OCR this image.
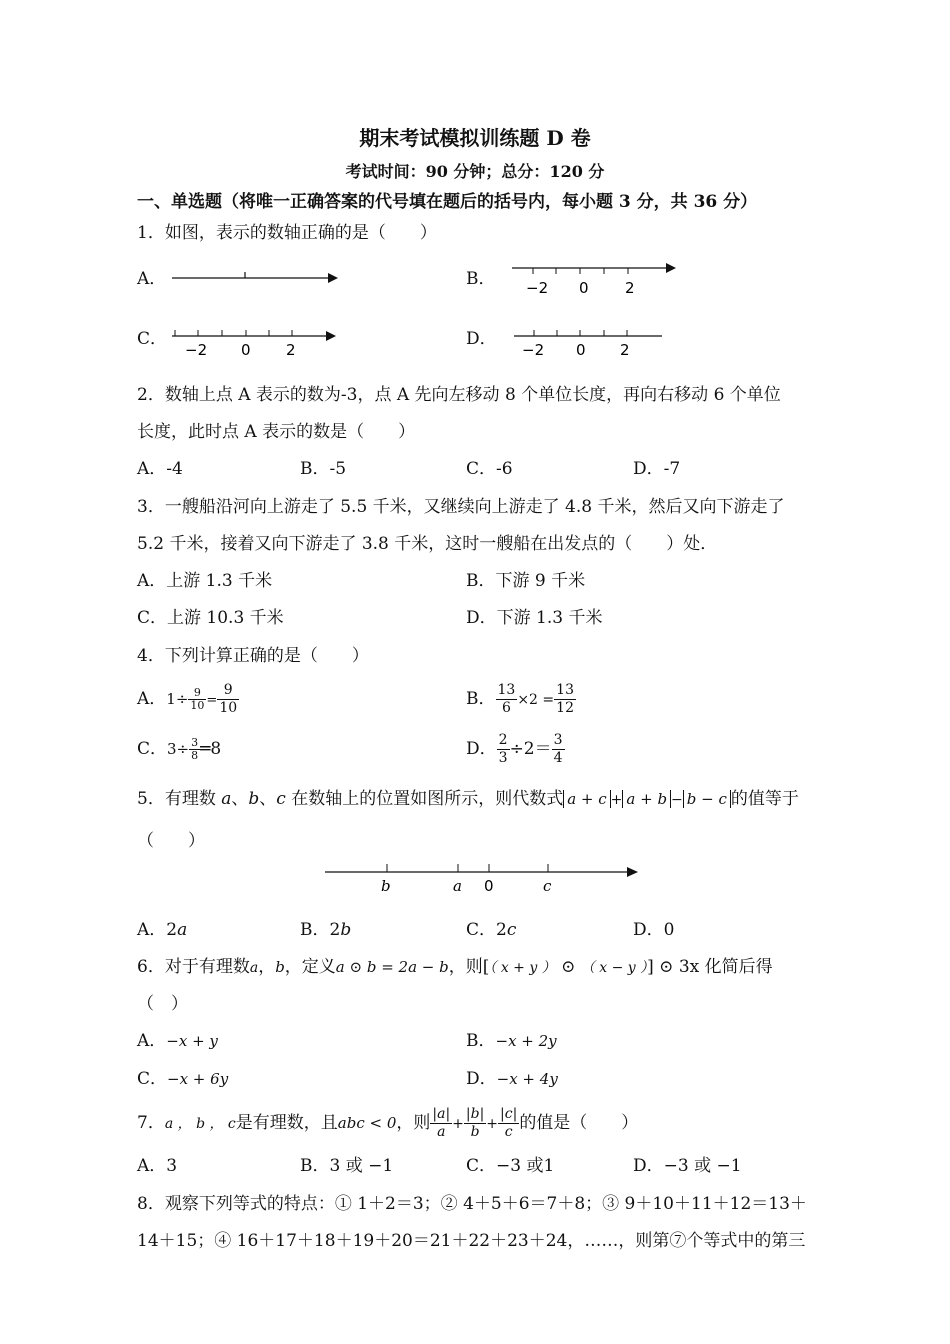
期末考试模拟训练题 D 卷
考试时间：90 分钟；总分：120 分
一、单选题（将唯一正确答案的代号填在题后的括号内，每小题 3 分，共 36 分）
1．如图，表示的数轴正确的是（　　）
A．	B． −2 0 2
C．
−2 0 2
D．
−2 0 2
2．数轴上点 A 表示的数为-3，点 A 先向左移动 8 个单位长度，再向右移动 6 个单位
长度，此时点 A 表示的数是（　　）
A．-4	B．-5	C．-6	D．-7
3．一艘船沿河向上游走了 5.5 千米，又继续向上游走了 4.8 千米，然后又向下游走了
5.2 千米，接着又向下游走了 3.8 千米，这时一艘船在出发点的（　　）处．
A．上游 1.3 千米	B．下游 9 千米
C．上游 10.3 千米	D．下游 1.3 千米
4．下列计算正确的是（　　）
A．$1\div \frac{9}{10} = \frac{9}{10}$	B． $\frac{13}{6} \times 2 = \frac{13}{12}$
C．$3\div \frac{3}{8}$ ═8	D． $\frac{2}{3} \div 2= \frac{3}{4}$
5．有理数 a、b、c 在数轴上的位置如图所示，则代数式 a + c + a + b − b − c 的值等于
（　　）
b	a 0	c
A．2a	B．2b	C．2c	D．0
6．对于有理数a，b，定义a ⊙ b = 2a − b，则[（ x + y ） ⊙ （ x − y ）] ⊙ 3x 化简后得
（　）
A．−x + y	B．−x + 2y
C．−x + 6y	D．−x + 4y
7．a ， b ， c是有理数，且abc < 0，则 $\frac{|a|}{a} + \frac{|b|}{b} + \frac{|c|}{c}$ 的值是（　　）
A．3	B．3 或 −1	C．−3 或1	D．−3 或 −1
8．观察下列等式的特点：① 1＋2＝3；② 4＋5＋6＝7＋8；③ 9＋10＋11＋12＝13＋
14＋15；④ 16＋17＋18＋19＋20＝21＋22＋23＋24，……，则第⑦个等式中的第三
